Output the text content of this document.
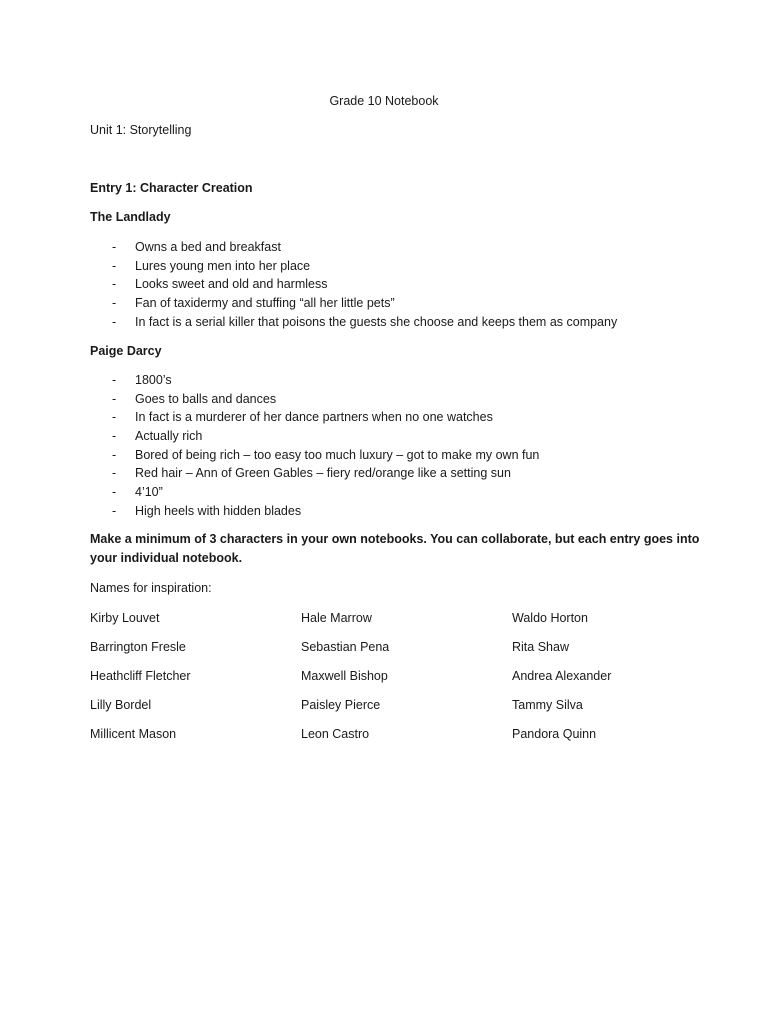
Grade 10 Notebook
Unit 1: Storytelling
Entry 1: Character Creation
The Landlady
- Owns a bed and breakfast
- Lures young men into her place
- Looks sweet and old and harmless
- Fan of taxidermy and stuffing “all her little pets”
- In fact is a serial killer that poisons the guests she choose and keeps them as company
Paige Darcy
- 1800’s
- Goes to balls and dances
- In fact is a murderer of her dance partners when no one watches
- Actually rich
- Bored of being rich – too easy too much luxury – got to make my own fun
- Red hair – Ann of Green Gables – fiery red/orange like a setting sun
- 4’10”
- High heels with hidden blades
Make a minimum of 3 characters in your own notebooks. You can collaborate, but each entry goes into
your individual notebook.
Names for inspiration:
Kirby Louvet	Hale Marrow	Waldo Horton
Barrington Fresle	Sebastian Pena	Rita Shaw
Heathcliff Fletcher	Maxwell Bishop	Andrea Alexander
Lilly Bordel	Paisley Pierce	Tammy Silva
Millicent Mason	Leon Castro	Pandora Quinn
